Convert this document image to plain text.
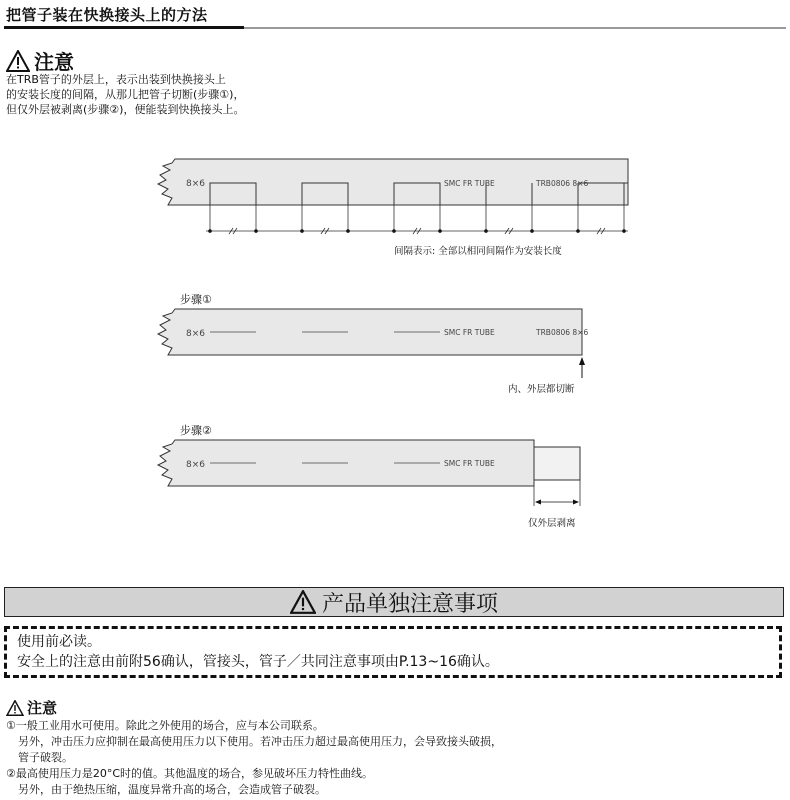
把管子装在快换接头上的方法
注意
在TRB管子的外层上，表示出装到快换接头上
的安装长度的间隔，从那儿把管子切断(步骤①)，
但仅外层被剥离(步骤②)，便能装到快换接头上。
8×6	SMC FR TUBE	TRB0806 8×6
间隔表示: 全部以相同间隔作为安装长度
步骤①
8×6	SMC FR TUBE	TRB0806 8×6
内、外层都切断
步骤②
8×6	SMC FR TUBE
仅外层剥离
产品单独注意事项
使用前必读。
安全上的注意由前附56确认，管接头，管子／共同注意事项由P.13~16确认。
注意
①一般工业用水可使用。除此之外使用的场合，应与本公司联系。
另外，冲击压力应抑制在最高使用压力以下使用。若冲击压力超过最高使用压力，会导致接头破损，
管子破裂。
②最高使用压力是20°C时的值。其他温度的场合，参见破坏压力特性曲线。
另外，由于绝热压缩，温度异常升高的场合，会造成管子破裂。
